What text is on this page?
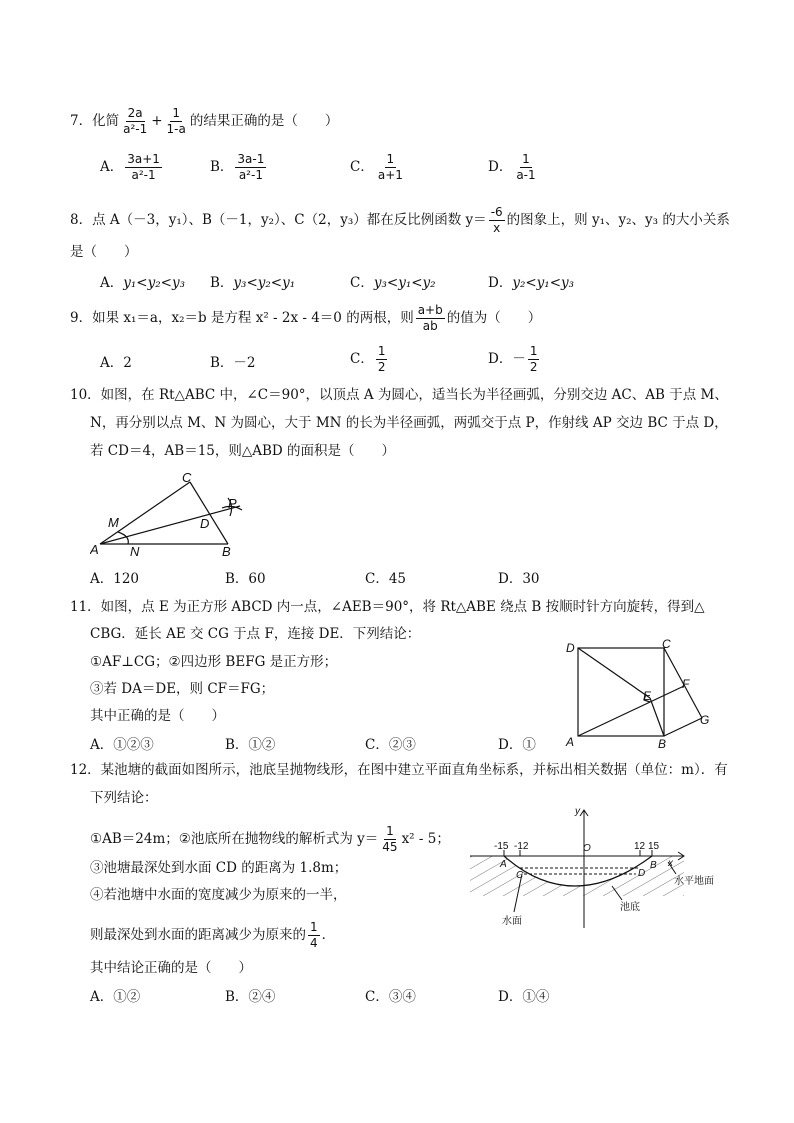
7．化简 $\frac{2a}{\text{a²-1}} + \frac{1}{1-a}$ 的结果正确的是（　　）
A． $\frac{3a+1}{\text{a²-1}}$	B． $\frac{3a-1}{\text{a²-1}}$	C． $\frac{1}{a+1}$	D． $\frac{1}{a-1}$
8．点 A（－3，y₁）、B（－1，y₂）、C（2，y₃）都在反比例函数 $y= \frac{-6}{x}$ 的图象上，则 y₁、y₂、y₃ 的大小关系
是（　　）
A．y₁<y₂<y₃ B．y₃<y₂<y₁	C．y₃<y₁<y₂	D．y₂<y₁<y₃
9．如果 x₁＝a，x₂＝b 是方程 x² - 2x - 4＝0 的两根，则 $\frac{a+b}{ab}$ 的值为（　　）
A．2	B．－2	C． $\frac{1}{2}$	D．－ $\frac{1}{2}$
10．如图，在 Rt△ABC 中，∠C＝90°，以顶点 A 为圆心，适当长为半径画弧，分别交边 AC、AB 于点 M、
N，再分别以点 M、N 为圆心，大于 MN 的长为半径画弧，两弧交于点 P，作射线 AP 交边 BC 于点 D，
若 CD＝4，AB＝15，则△ABD 的面积是（　　）
A	B
C
D
M
N
P
A．120	B．60	C．45	D．30
11．如图，点 E 为正方形 ABCD 内一点，∠AEB＝90°，将 Rt△ABE 绕点 B 按顺时针方向旋转，得到△
CBG．延长 AE 交 CG 于点 F，连接 DE．下列结论：
①AF⊥CG；②四边形 BEFG 是正方形；
③若 DA＝DE，则 CF＝FG；
其中正确的是（　　）
A	B
C
D
E
F
G
A．①②③	B．①②	C．②③	D．①
12．某池塘的截面如图所示，池底呈抛物线形，在图中建立平面直角坐标系，并标出相关数据（单位：m）．有
下列结论：
①AB＝24m；②池底所在抛物线的解析式为 $y= \frac{1}{45} x^2 - 5$；
③池塘最深处到水面 CD 的距离为 1.8m；
④若池塘中水面的宽度减少为原来的一半，
则最深处到水面的距离减少为原来的 $\frac{1}{4}$ ．
其中结论正确的是（　　）
y
x
O
-15 -12	12 15
A	B
C	D
水平地面
水面
池底
A．①②	B．②④	C．③④	D．①④
